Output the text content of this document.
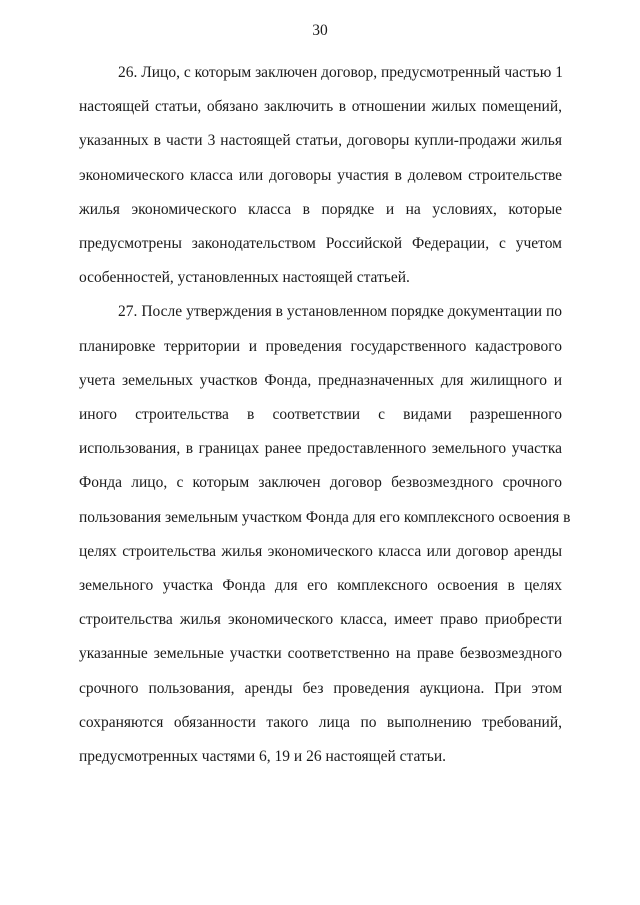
30

26. Лицо, с которым заключен договор, предусмотренный частью 1
настоящей статьи, обязано заключить в отношении жилых помещений,
указанных в части 3 настоящей статьи, договоры купли-продажи жилья
экономического класса или договоры участия в долевом строительстве
жилья экономического класса в порядке и на условиях, которые
предусмотрены законодательством Российской Федерации, с учетом
особенностей, установленных настоящей статьей.

27. После утверждения в установленном порядке документации по
планировке территории и проведения государственного кадастрового
учета земельных участков Фонда, предназначенных для жилищного и
иного строительства в соответствии с видами разрешенного
использования, в границах ранее предоставленного земельного участка
Фонда лицо, с которым заключен договор безвозмездного срочного
пользования земельным участком Фонда для его комплексного освоения в
целях строительства жилья экономического класса или договор аренды
земельного участка Фонда для его комплексного освоения в целях
строительства жилья экономического класса, имеет право приобрести
указанные земельные участки соответственно на праве безвозмездного
срочного пользования, аренды без проведения аукциона. При этом
сохраняются обязанности такого лица по выполнению требований,
предусмотренных частями 6, 19 и 26 настоящей статьи.
